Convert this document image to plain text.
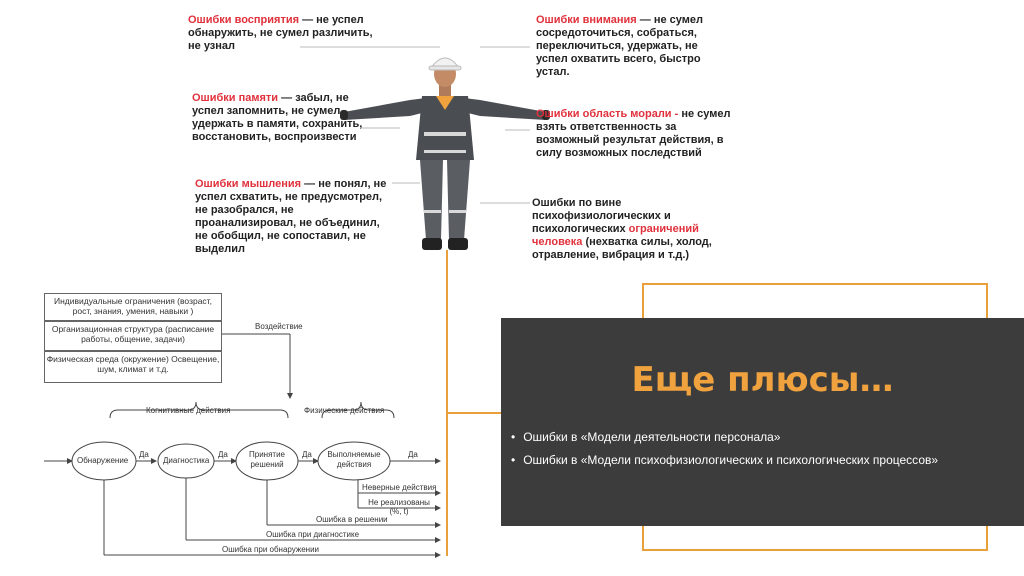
Ошибки восприятия — не успел обнаружить, не сумел различить, не узнал
Ошибки памяти — забыл, не успел запомнить, не сумел удержать в памяти, сохранить, восстановить, воспроизвести
Ошибки мышления — не понял, не успел схватить, не предусмотрел, не разобрался, не проанализировал, не объединил, не обобщил, не сопоставил, не выделил
Ошибки внимания — не сумел сосредоточиться, собраться, переключиться, удержать, не успел охватить всего, быстро устал.
Ошибки область морали - не сумел взять ответственность за возможный результат действия, в силу возможных последствий
Ошибки по вине психофизиологических и психологических ограничений человека (нехватка силы, холод, отравление, вибрация и т.д.)
Индивидуальные ограничения (возраст, рост, знания, умения, навыки )
Организационная структура (расписание работы, общение, задачи)
Физическая среда (окружение) Освещение, шум, климат и т.д.
Воздействие
Когнитивные действия	Физические действия
Обнаружение	Диагностика
Принятие решений
Выполняемые действия
Да	Да	Да	Да
Неверные действия
Не реализованы (%, t)
Ошибка в решении
Ошибка при диагностике
Ошибка при обнаружении
Еще плюсы…
• Ошибки в «Модели деятельности персонала»
• Ошибки в «Модели психофизиологических и психологических процессов»
